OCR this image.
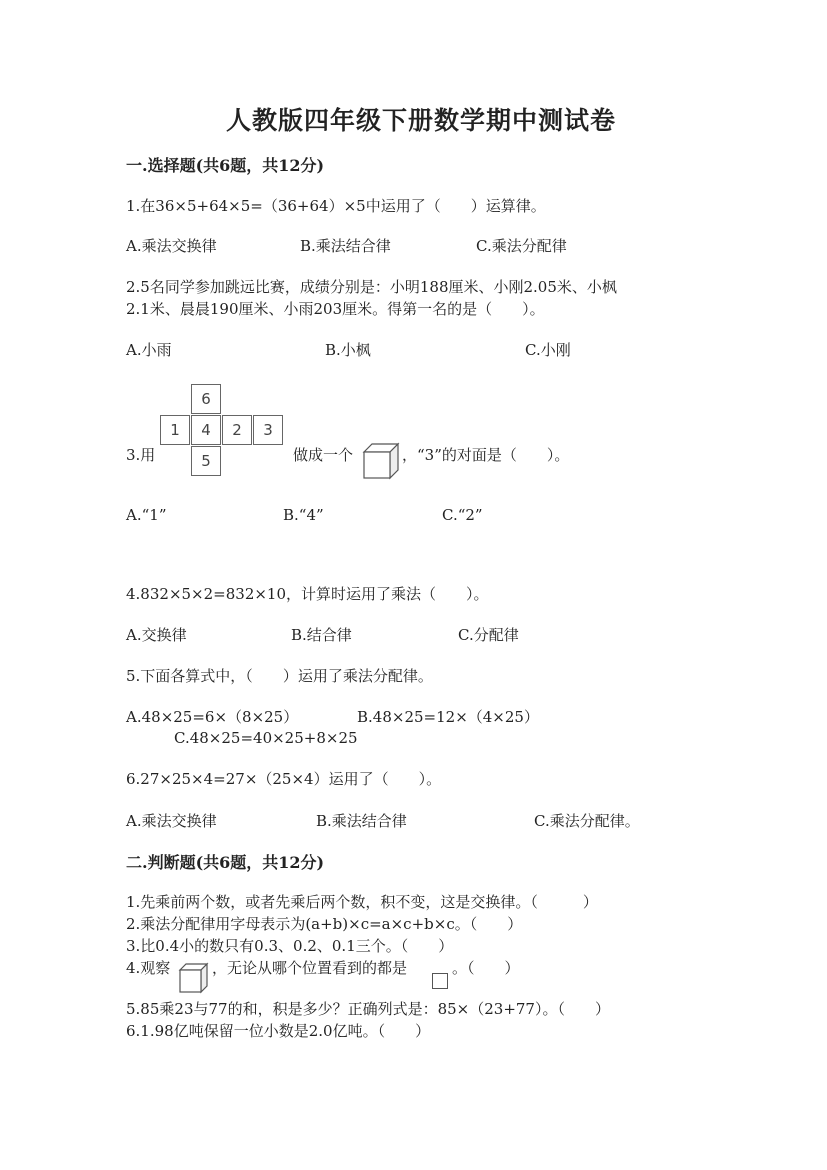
人教版四年级下册数学期中测试卷
一.选择题(共6题，共12分)
1.在36×5+64×5=（36+64）×5中运用了（　　）运算律。
A.乘法交换律	B.乘法结合律	C.乘法分配律
2.5名同学参加跳远比赛，成绩分别是：小明188厘米、小刚2.05米、小枫
2.1米、晨晨190厘米、小雨203厘米。得第一名的是（　　）。
A.小雨	B.小枫	C.小刚
6
1	4	2	3
5
3.用	做成一个	，“3”的对面是（　　）。
A.“1”	B.“4”	C.“2”
4.832×5×2=832×10，计算时运用了乘法（　　）。
A.交换律	B.结合律	C.分配律
5.下面各算式中，（　　）运用了乘法分配律。
A.48×25=6×（8×25）	B.48×25=12×（4×25）
C.48×25=40×25+8×25
6.27×25×4=27×（25×4）运用了（　　）。
A.乘法交换律	B.乘法结合律	C.乘法分配律。
二.判断题(共6题，共12分)
1.先乘前两个数，或者先乘后两个数，积不变，这是交换律。（　　　）
2.乘法分配律用字母表示为(a+b)×c=a×c+b×c。（　　）
3.比0.4小的数只有0.3、0.2、0.1三个。（　　）
4.观察	，无论从哪个位置看到的都是	。（　　）
5.85乘23与77的和，积是多少？正确列式是：85×（23+77）。（　　）
6.1.98亿吨保留一位小数是2.0亿吨。（　　）
